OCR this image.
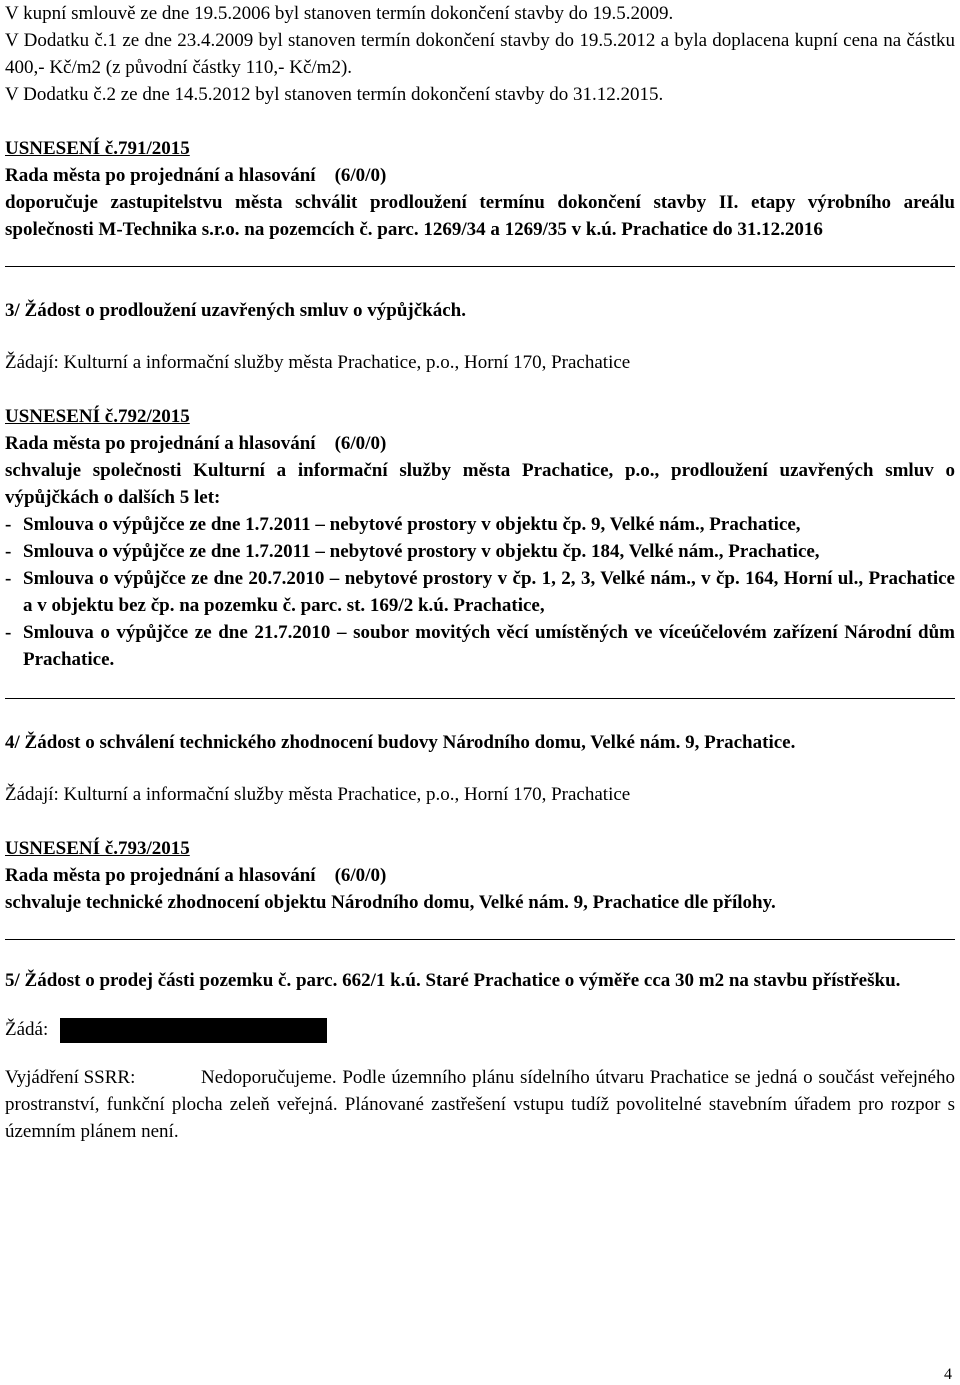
V kupní smlouvě ze dne 19.5.2006 byl stanoven termín dokončení stavby do 19.5.2009.

V Dodatku č.1 ze dne 23.4.2009 byl stanoven termín dokončení stavby do 19.5.2012 a byla doplacena kupní cena na částku 400,- Kč/m2 (z původní částky 110,- Kč/m2).

V Dodatku č.2 ze dne 14.5.2012 byl stanoven termín dokončení stavby do 31.12.2015.

USNESENÍ č.791/2015

Rada města po projednání a hlasování    (6/0/0)

doporučuje zastupitelstvu města schválit prodloužení termínu dokončení stavby II. etapy výrobního areálu společnosti M-Technika s.r.o. na pozemcích č. parc. 1269/34 a 1269/35 v k.ú. Prachatice do 31.12.2016

3/ Žádost o prodloužení uzavřených smluv o výpůjčkách.

Žádají: Kulturní a informační služby města Prachatice, p.o., Horní 170, Prachatice

USNESENÍ č.792/2015

Rada města po projednání a hlasování    (6/0/0)

schvaluje společnosti Kulturní a informační služby města Prachatice, p.o., prodloužení uzavřených smluv o výpůjčkách o dalších 5 let:

- Smlouva o výpůjčce ze dne 1.7.2011 – nebytové prostory v objektu čp. 9, Velké nám., Prachatice,
- Smlouva o výpůjčce ze dne 1.7.2011 – nebytové prostory v objektu čp. 184, Velké nám., Prachatice,
- Smlouva o výpůjčce ze dne 20.7.2010 – nebytové prostory v čp. 1, 2, 3, Velké nám., v čp. 164, Horní ul., Prachatice a v objektu bez čp. na pozemku č. parc. st. 169/2 k.ú. Prachatice,
- Smlouva o výpůjčce ze dne 21.7.2010 – soubor movitých věcí umístěných ve víceúčelovém zařízení Národní dům Prachatice.

4/ Žádost o schválení technického zhodnocení budovy Národního domu, Velké nám. 9, Prachatice.

Žádají: Kulturní a informační služby města Prachatice, p.o., Horní 170, Prachatice

USNESENÍ č.793/2015

Rada města po projednání a hlasování    (6/0/0)

schvaluje technické zhodnocení objektu Národního domu, Velké nám. 9, Prachatice dle přílohy.

5/ Žádost o prodej části pozemku č. parc. 662/1 k.ú. Staré Prachatice o výměře cca 30 m2 na stavbu přístřešku.

Žádá:

Vyjádření SSRR:	Nedoporučujeme. Podle územního plánu sídelního útvaru Prachatice se jedná o součást veřejného prostranství, funkční plocha zeleň veřejná. Plánované zastřešení vstupu tudíž povolitelné stavebním úřadem pro rozpor s územním plánem není.

4
